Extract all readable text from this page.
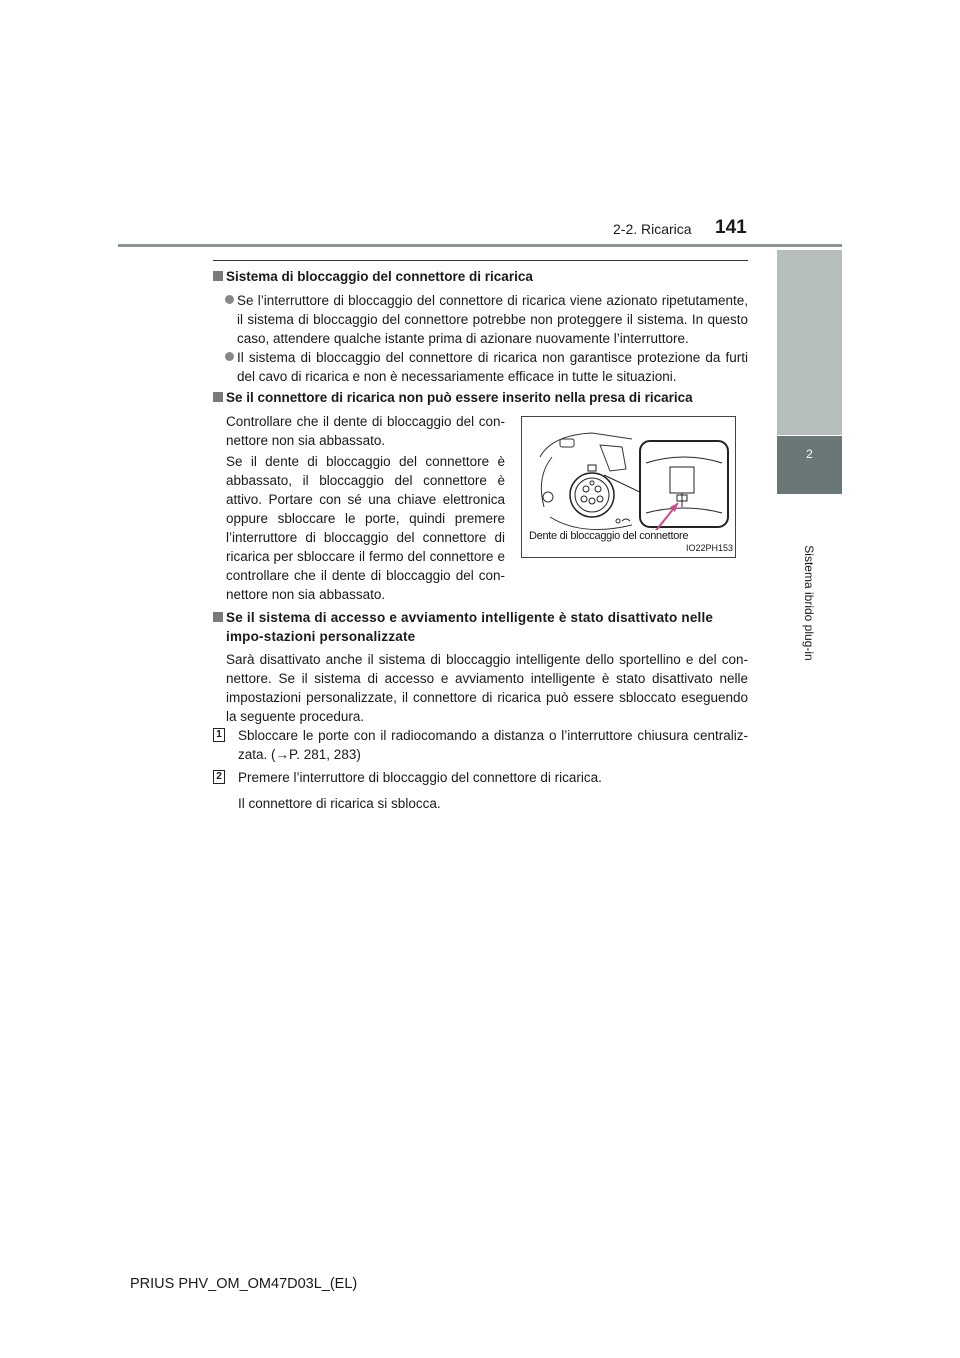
2-2. Ricarica 141
2
Sistema ibrido plug-in
Sistema di bloccaggio del connettore di ricarica
Se l’interruttore di bloccaggio del connettore di ricarica viene azionato ripetutamente, il sistema di bloccaggio del connettore potrebbe non proteggere il sistema. In questo caso, attendere qualche istante prima di azionare nuovamente l’interruttore.
Il sistema di bloccaggio del connettore di ricarica non garantisce protezione da furti del cavo di ricarica e non è necessariamente efficace in tutte le situazioni.
Se il connettore di ricarica non può essere inserito nella presa di ricarica
Controllare che il dente di bloccaggio del con-nettore non sia abbassato.
Se il dente di bloccaggio del connettore è abbassato, il bloccaggio del connettore è attivo. Portare con sé una chiave elettronica oppure sbloccare le porte, quindi premere l’interruttore di bloccaggio del connettore di ricarica per sbloccare il fermo del connettore e controllare che il dente di bloccaggio del con-nettore non sia abbassato.
Dente di bloccaggio del connettore
IO22PH153
Se il sistema di accesso e avviamento intelligente è stato disattivato nelle impo-stazioni personalizzate
Sarà disattivato anche il sistema di bloccaggio intelligente dello sportellino e del con-nettore. Se il sistema di accesso e avviamento intelligente è stato disattivato nelle impostazioni personalizzate, il connettore di ricarica può essere sbloccato eseguendo la seguente procedura.
1 Sbloccare le porte con il radiocomando a distanza o l’interruttore chiusura centraliz-zata. (→P. 281, 283)
2 Premere l’interruttore di bloccaggio del connettore di ricarica.
Il connettore di ricarica si sblocca.
PRIUS PHV_OM_OM47D03L_(EL)
